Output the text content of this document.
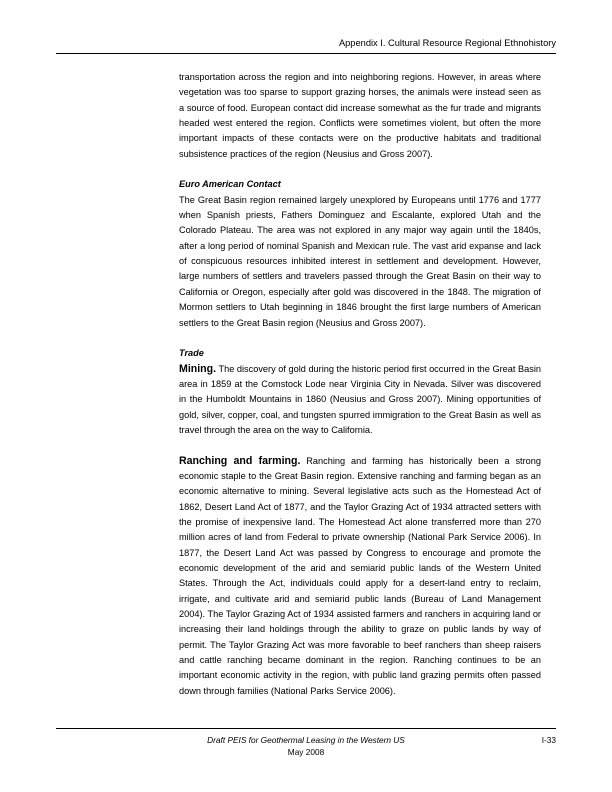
Appendix I. Cultural Resource Regional Ethnohistory

transportation across the region and into neighboring regions. However, in areas where vegetation was too sparse to support grazing horses, the animals were instead seen as a source of food. European contact did increase somewhat as the fur trade and migrants headed west entered the region. Conflicts were sometimes violent, but often the more important impacts of these contacts were on the productive habitats and traditional subsistence practices of the region (Neusius and Gross 2007).

Euro American Contact

The Great Basin region remained largely unexplored by Europeans until 1776 and 1777 when Spanish priests, Fathers Dominguez and Escalante, explored Utah and the Colorado Plateau. The area was not explored in any major way again until the 1840s, after a long period of nominal Spanish and Mexican rule. The vast arid expanse and lack of conspicuous resources inhibited interest in settlement and development. However, large numbers of settlers and travelers passed through the Great Basin on their way to California or Oregon, especially after gold was discovered in the 1848. The migration of Mormon settlers to Utah beginning in 1846 brought the first large numbers of American settlers to the Great Basin region (Neusius and Gross 2007).

Trade

Mining. The discovery of gold during the historic period first occurred in the Great Basin area in 1859 at the Comstock Lode near Virginia City in Nevada. Silver was discovered in the Humboldt Mountains in 1860 (Neusius and Gross 2007). Mining opportunities of gold, silver, copper, coal, and tungsten spurred immigration to the Great Basin as well as travel through the area on the way to California.

Ranching and farming. Ranching and farming has historically been a strong economic staple to the Great Basin region. Extensive ranching and farming began as an economic alternative to mining. Several legislative acts such as the Homestead Act of 1862, Desert Land Act of 1877, and the Taylor Grazing Act of 1934 attracted setters with the promise of inexpensive land. The Homestead Act alone transferred more than 270 million acres of land from Federal to private ownership (National Park Service 2006). In 1877, the Desert Land Act was passed by Congress to encourage and promote the economic development of the arid and semiarid public lands of the Western United States. Through the Act, individuals could apply for a desert-land entry to reclaim, irrigate, and cultivate arid and semiarid public lands (Bureau of Land Management 2004). The Taylor Grazing Act of 1934 assisted farmers and ranchers in acquiring land or increasing their land holdings through the ability to graze on public lands by way of permit. The Taylor Grazing Act was more favorable to beef ranchers than sheep raisers and cattle ranching became dominant in the region. Ranching continues to be an important economic activity in the region, with public land grazing permits often passed down through families (National Parks Service 2006).

Draft PEIS for Geothermal Leasing in the Western US	I-33
May 2008
